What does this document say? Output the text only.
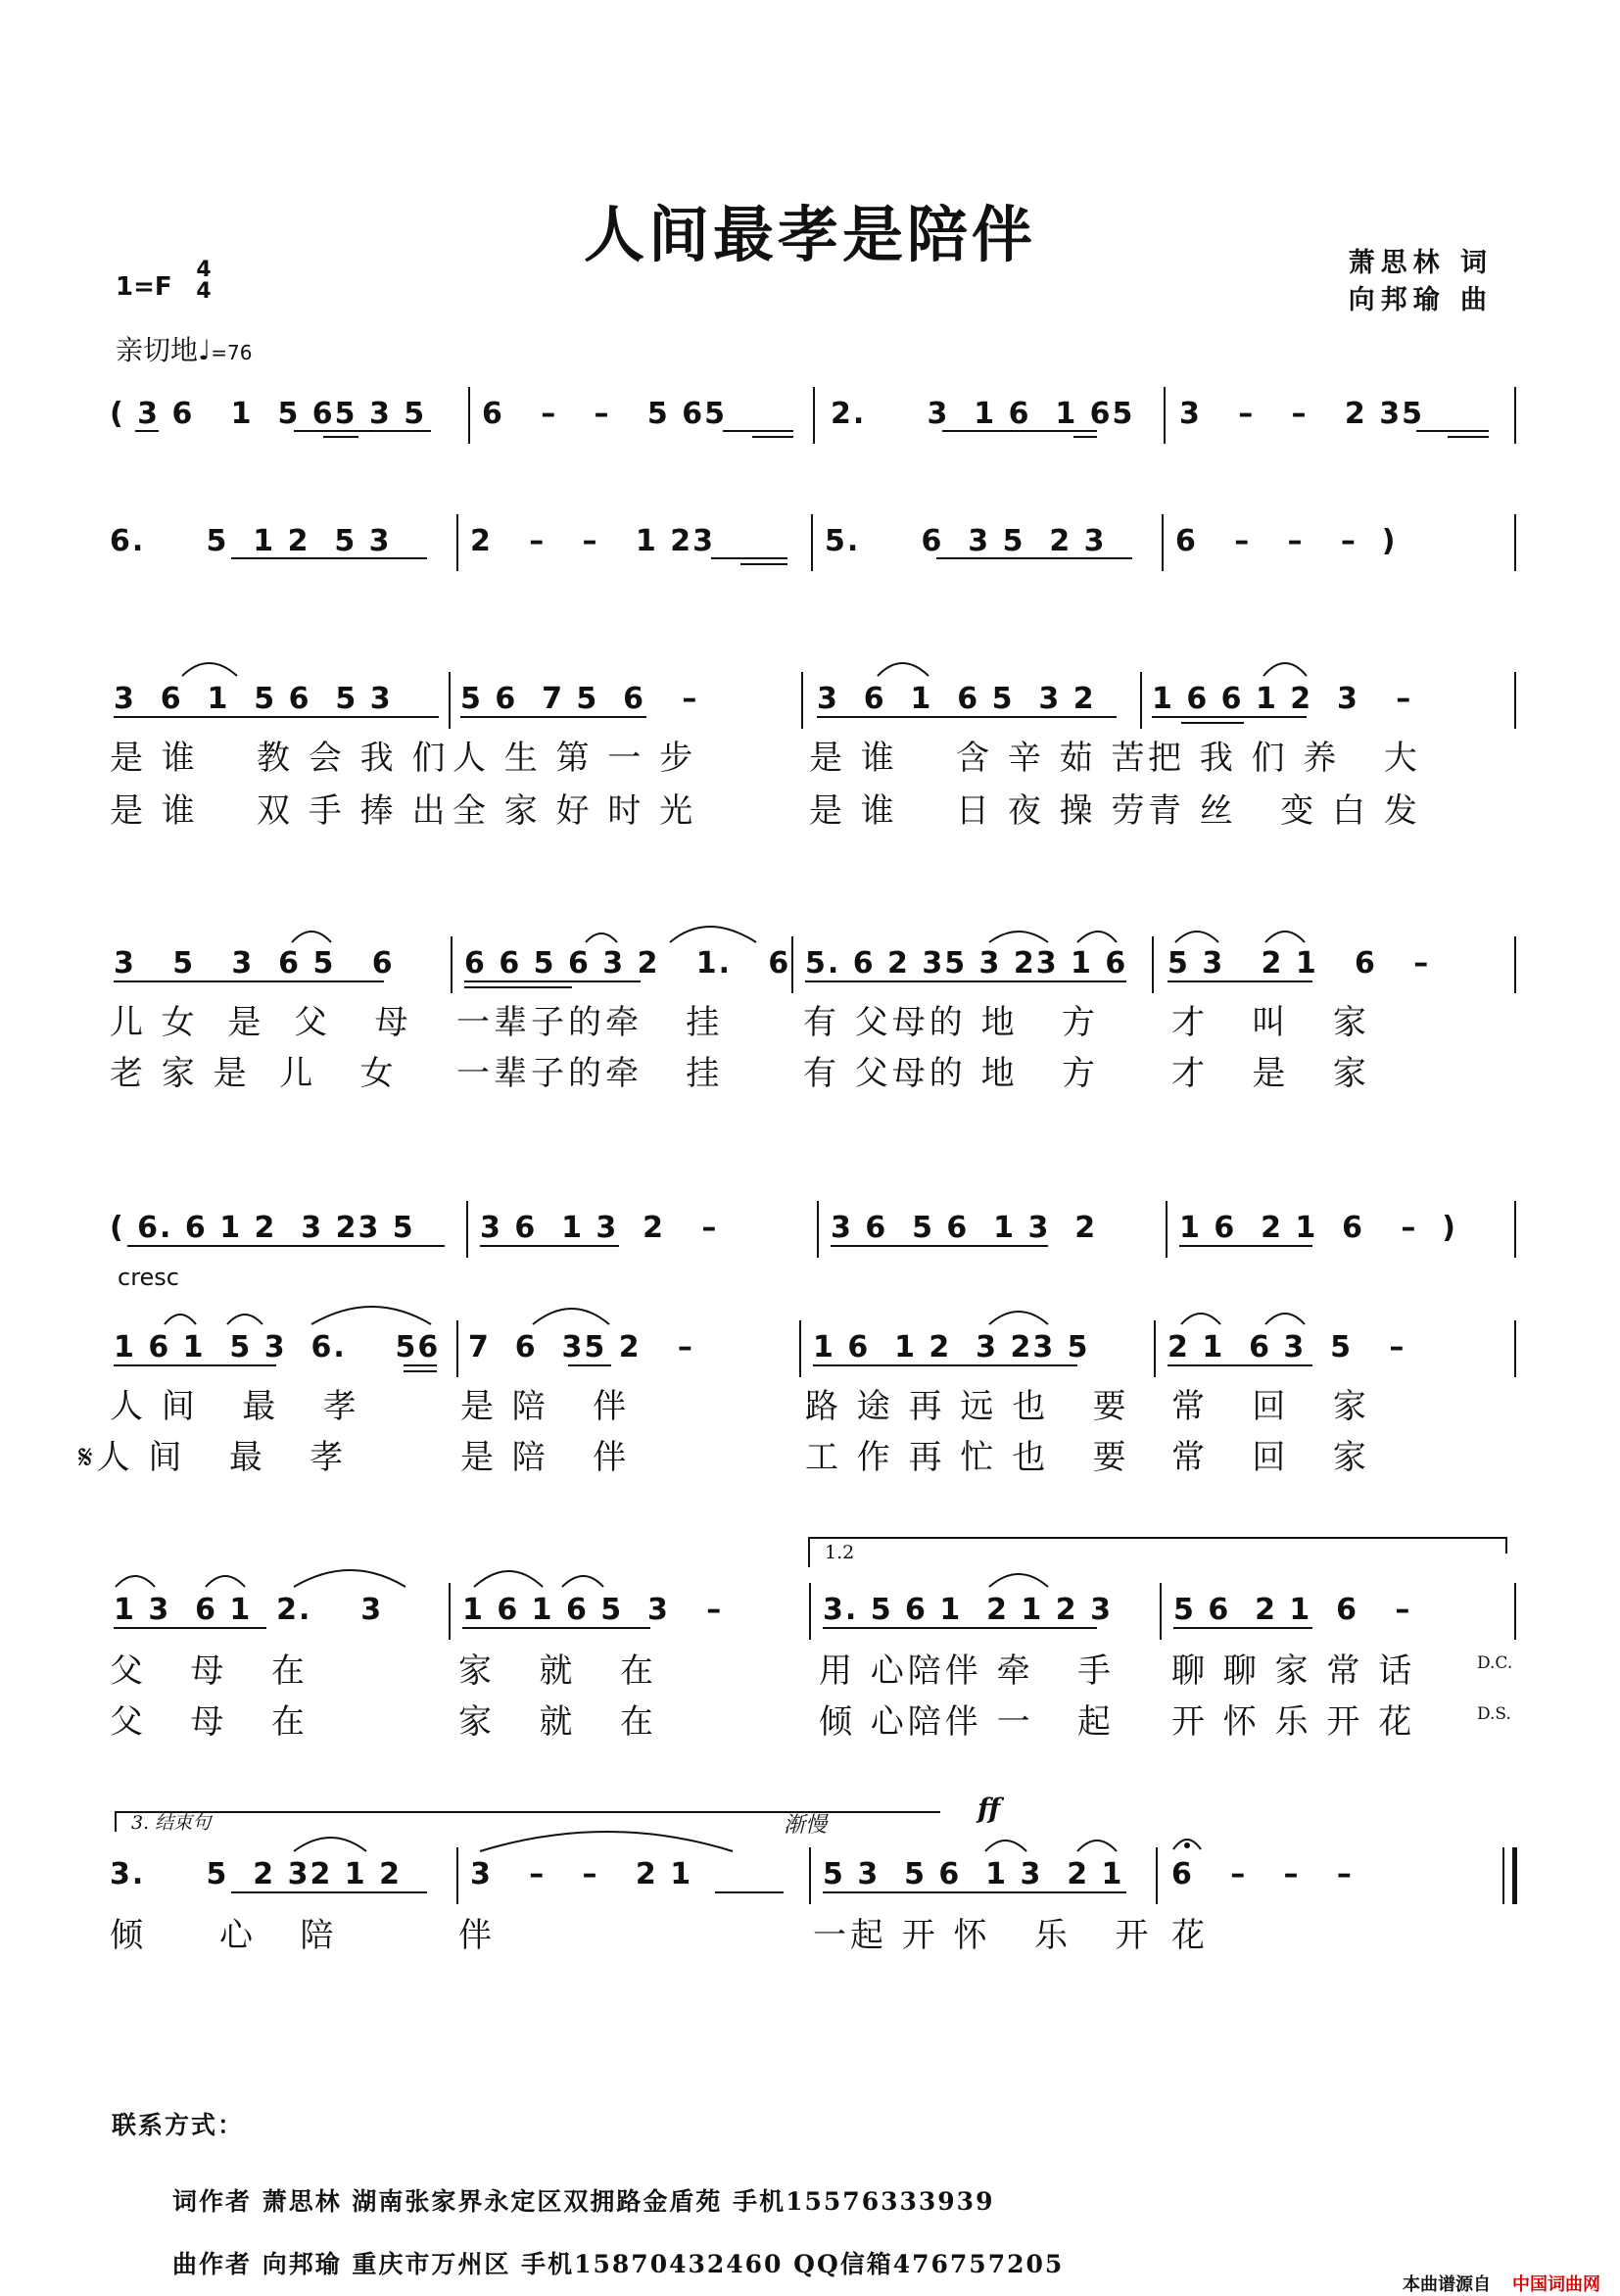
人间最孝是陪伴	萧思林 词
向邦瑜 曲
1=F
4
4
亲切地♩=76
( 3 6   1  5 65 3 5 6   –   –   5 65	2.     3  1 6  1 65 3   –   –   2 35
6.     5  1 2  5 3	2   –   –   1 23	5.     6  3 5  2 3 6   –   –   –  )
3  6  1  5 6  5 3 5 6  7 5  6   –	3  6  1  6 5  3 2 1 6 6 1 2  3   –
是 谁    教 会 我 们 人 生 第 一 步	是 谁    含 辛 茹 苦 把 我 们 养   大
是 谁    双 手 捧 出 全 家 好 时 光	是 谁    日 夜 操 劳 青 丝   变 白 发
3   5   3  6 5   6 6 6 5 6 3 2   1.   6 5. 6 2 35 3 23 1 6 5 3   2 1   6   –
儿 女  是  父   母 一辈子的牵   挂 有 父母的 地   方 才   叫   家
老 家 是  儿   女 一辈子的牵   挂 有 父母的 地   方 才   是   家
( 6. 6 1 2  3 23 5 3 6  1 3  2   –	3 6  5 6  1 3  2	1 6  2 1  6   –  )
cresc
1 6 1  5 3  6.    56 7  6  35 2   –	1 6  1 2  3 23 5	2 1  6 3  5   –
人 间   最   孝	是 陪   伴	路 途 再 远 也   要 常   回   家
𝄋人 间   最   孝	是 陪   伴	工 作 再 忙 也   要 常   回   家
1 3  6 1  2.    3	1 6 1 6 5  3   –	3. 5 6 1  2 1 2 3 5 6  2 1  6   –
1.2
父   母   在	家   就   在	用 心陪伴 牵   手 聊 聊 家 常 话
父   母   在	家   就   在	倾 心陪伴 一   起 开 怀 乐 开 花
D.C.
D.S.
3. 结束句	渐慢
ff
3.     5  2 32 1 2 3   –   –   2 1	5 3  5 6  1 3  2 1 6   –   –   –
倾     心   陪	伴	一起 开 怀   乐   开 花
联系方式：
词作者 萧思林 湖南张家界永定区双拥路金盾苑 手机15576333939
曲作者 向邦瑜 重庆市万州区 手机15870432460 QQ信箱476757205
本曲谱源自 中国词曲网
